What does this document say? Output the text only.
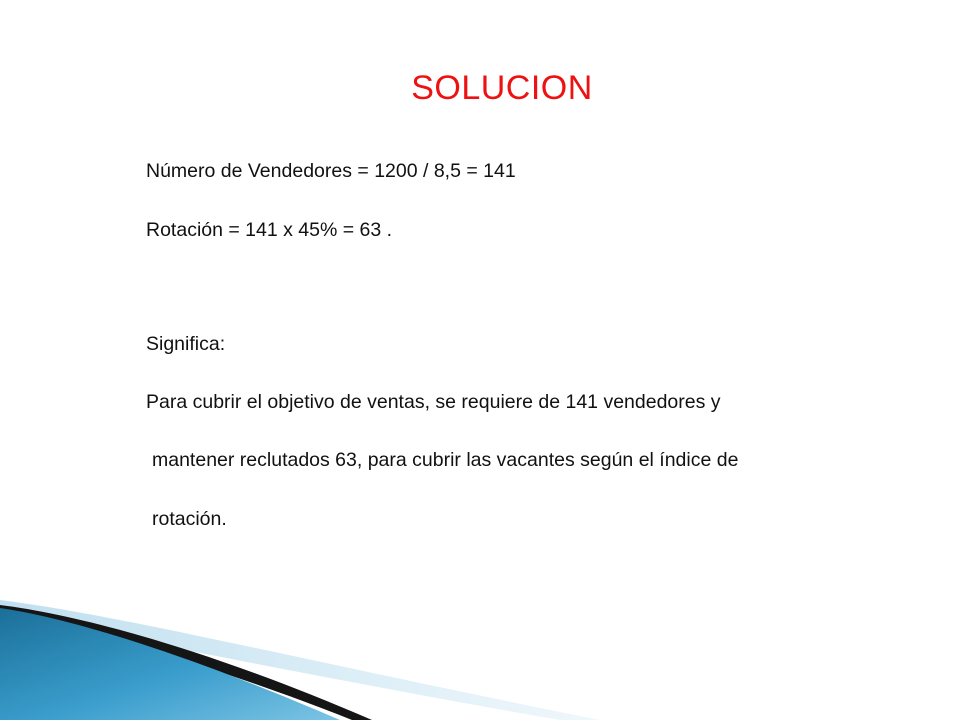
SOLUCION
Número de Vendedores = 1200 / 8,5 = 141
Rotación = 141 x 45% = 63 .
Significa:
Para cubrir el objetivo de ventas, se requiere de 141 vendedores y
mantener reclutados 63, para cubrir las vacantes según el índice de
rotación.
